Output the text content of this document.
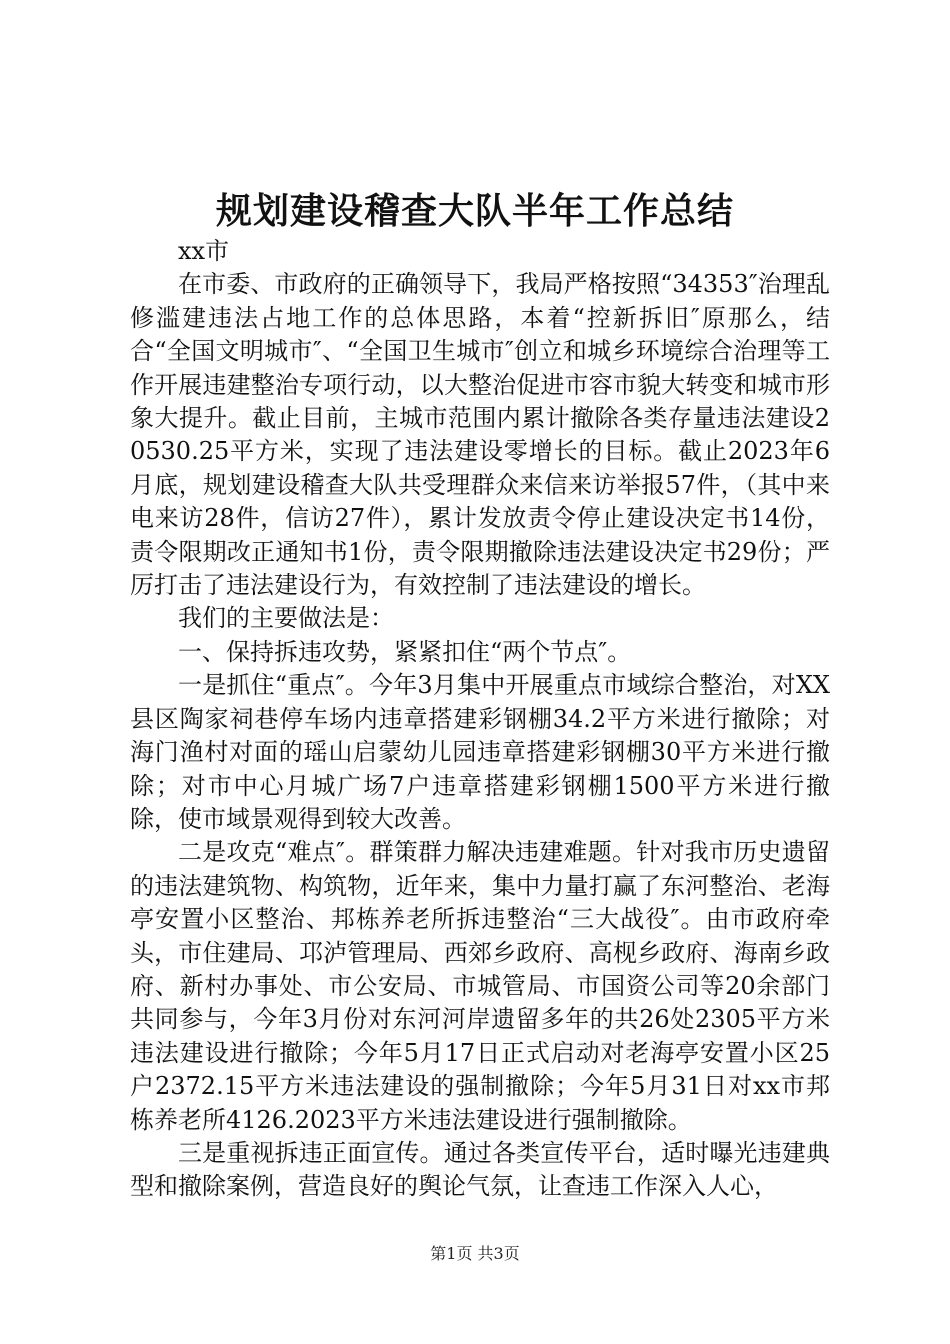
规划建设稽查大队半年工作总结

xx市

在市委、市政府的正确领导下，我局严格按照“34353″治理乱修滥建违法占地工作的总体思路，本着“控新拆旧″原那么，结合“全国文明城市″、“全国卫生城市″创立和城乡环境综合治理等工作开展违建整治专项行动，以大整治促进市容市貌大转变和城市形象大提升。截止目前，主城市范围内累计撤除各类存量违法建设20530.25平方米，实现了违法建设零增长的目标。截止2023年6月底，规划建设稽查大队共受理群众来信来访举报57件，（其中来电来访28件，信访27件），累计发放责令停止建设决定书14份，责令限期改正通知书1份，责令限期撤除违法建设决定书29份；严厉打击了违法建设行为，有效控制了违法建设的增长。

我们的主要做法是：

一、保持拆违攻势，紧紧扣住“两个节点″。

一是抓住“重点″。今年3月集中开展重点市域综合整治，对XX县区陶家祠巷停车场内违章搭建彩钢棚34.2平方米进行撤除；对海门渔村对面的瑶山启蒙幼儿园违章搭建彩钢棚30平方米进行撤除；对市中心月城广场7户违章搭建彩钢棚1500平方米进行撤除，使市域景观得到较大改善。

二是攻克“难点″。群策群力解决违建难题。针对我市历史遗留的违法建筑物、构筑物，近年来，集中力量打赢了东河整治、老海亭安置小区整治、邦栋养老所拆违整治“三大战役″。由市政府牵头，市住建局、邛泸管理局、西郊乡政府、高枧乡政府、海南乡政府、新村办事处、市公安局、市城管局、市国资公司等20余部门共同参与，今年3月份对东河河岸遗留多年的共26处2305平方米违法建设进行撤除；今年5月17日正式启动对老海亭安置小区25户2372.15平方米违法建设的强制撤除；今年5月31日对xx市邦栋养老所4126.2023平方米违法建设进行强制撤除。

三是重视拆违正面宣传。通过各类宣传平台，适时曝光违建典型和撤除案例，营造良好的舆论气氛，让查违工作深入人心，

第1页 共3页
